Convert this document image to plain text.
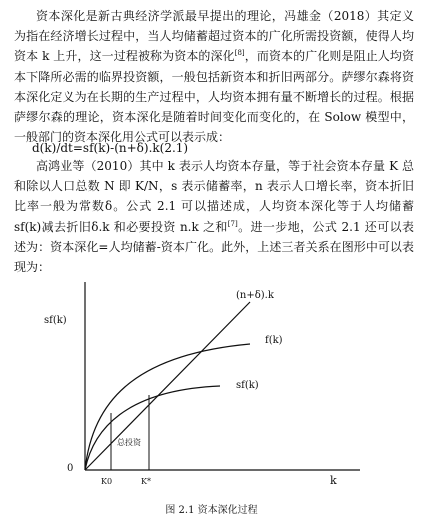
资本深化是新古典经济学派最早提出的理论，冯雄金（2018）其定义为指在经济增长过程中，当人均储蓄超过资本的广化所需投资额，使得人均资本 k 上升，这一过程被称为资本的深化[8]，而资本的广化则是阻止人均资本下降所必需的临界投资额，一般包括新资本和折旧两部分。萨缪尔森将资本深化定义为在长期的生产过程中，人均资本拥有量不断增长的过程。根据萨缪尔森的理论，资本深化是随着时间变化而变化的，在 Solow 模型中，一般部门的资本深化用公式可以表示成：

d(k)/dt=sf(k)-(n+δ).k(2.1)

高鸿业等（2010）其中 k 表示人均资本存量，等于社会资本存量 K 总和除以人口总数 N 即 K/N，s 表示储蓄率，n 表示人口增长率，资本折旧比率一般为常数δ。公式 2.1 可以描述成，人均资本深化等于人均储蓄 sf(k)减去折旧δ.k 和必要投资 n.k 之和[7]。进一步地，公式 2.1 还可以表述为：资本深化=人均储蓄-资本广化。此外，上述三者关系在图形中可以表现为：

sf(k)
k
0
(n+δ).k
f(k)
sf(k)
K0	K*
总投资
图 2.1 资本深化过程
